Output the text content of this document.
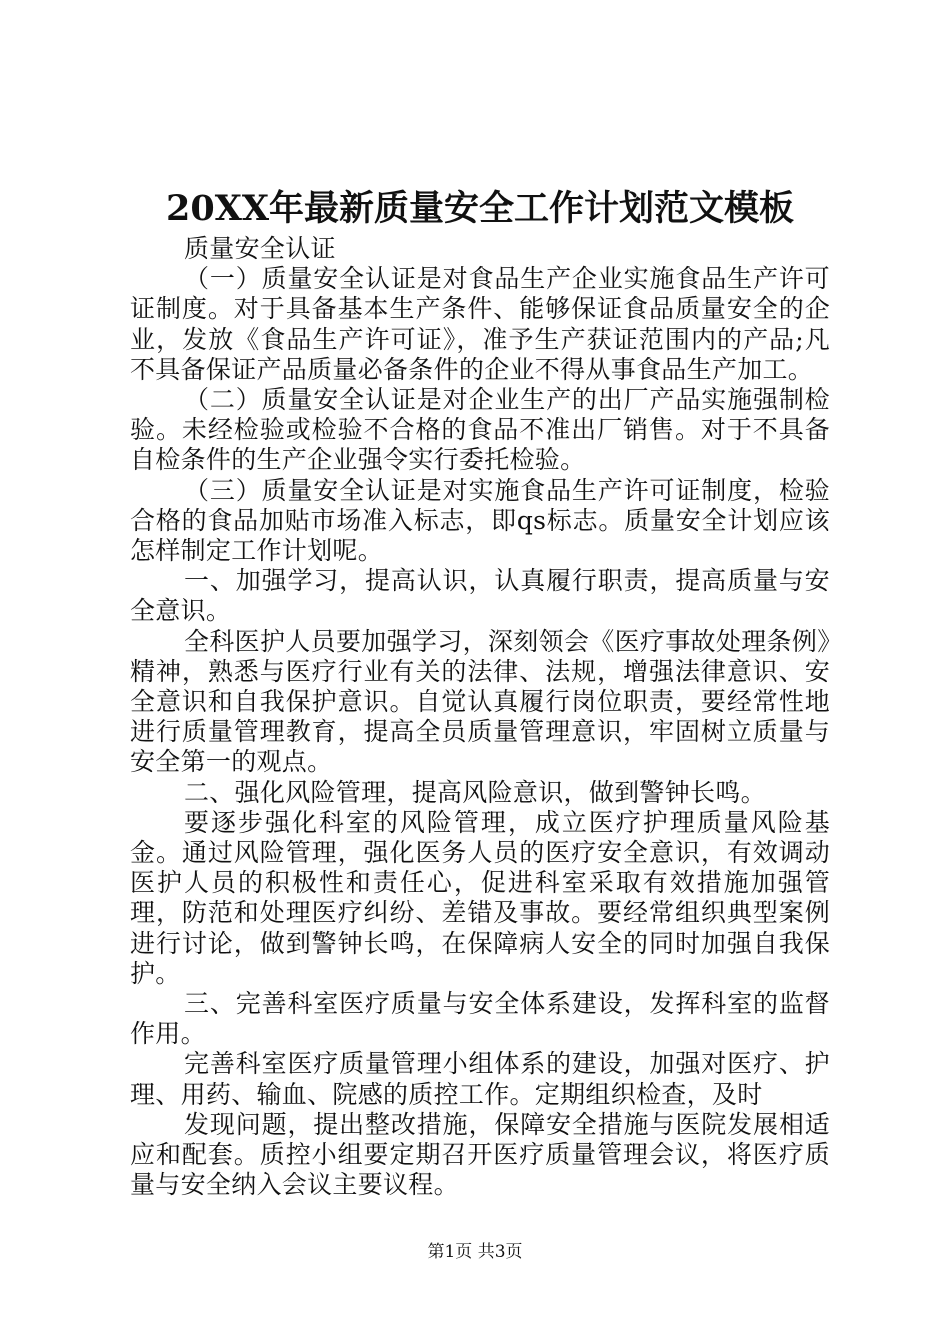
20XX年最新质量安全工作计划范文模板

质量安全认证

（一）质量安全认证是对食品生产企业实施食品生产许可证制度。对于具备基本生产条件、能够保证食品质量安全的企业，发放《食品生产许可证》，准予生产获证范围内的产品;凡不具备保证产品质量必备条件的企业不得从事食品生产加工。

（二）质量安全认证是对企业生产的出厂产品实施强制检验。未经检验或检验不合格的食品不准出厂销售。对于不具备自检条件的生产企业强令实行委托检验。

（三）质量安全认证是对实施食品生产许可证制度，检验合格的食品加贴市场准入标志，即qs标志。质量安全计划应该怎样制定工作计划呢。

一、加强学习，提高认识，认真履行职责，提高质量与安全意识。

全科医护人员要加强学习，深刻领会《医疗事故处理条例》精神，熟悉与医疗行业有关的法律、法规，增强法律意识、安全意识和自我保护意识。自觉认真履行岗位职责，要经常性地进行质量管理教育，提高全员质量管理意识，牢固树立质量与安全第一的观点。

二、强化风险管理，提高风险意识，做到警钟长鸣。

要逐步强化科室的风险管理，成立医疗护理质量风险基金。通过风险管理，强化医务人员的医疗安全意识，有效调动医护人员的积极性和责任心，促进科室采取有效措施加强管理，防范和处理医疗纠纷、差错及事故。要经常组织典型案例进行讨论，做到警钟长鸣，在保障病人安全的同时加强自我保护。

三、完善科室医疗质量与安全体系建设，发挥科室的监督作用。

完善科室医疗质量管理小组体系的建设，加强对医疗、护理、用药、输血、院感的质控工作。定期组织检查，及时

发现问题，提出整改措施，保障安全措施与医院发展相适应和配套。质控小组要定期召开医疗质量管理会议，将医疗质量与安全纳入会议主要议程。

第1页 共3页
